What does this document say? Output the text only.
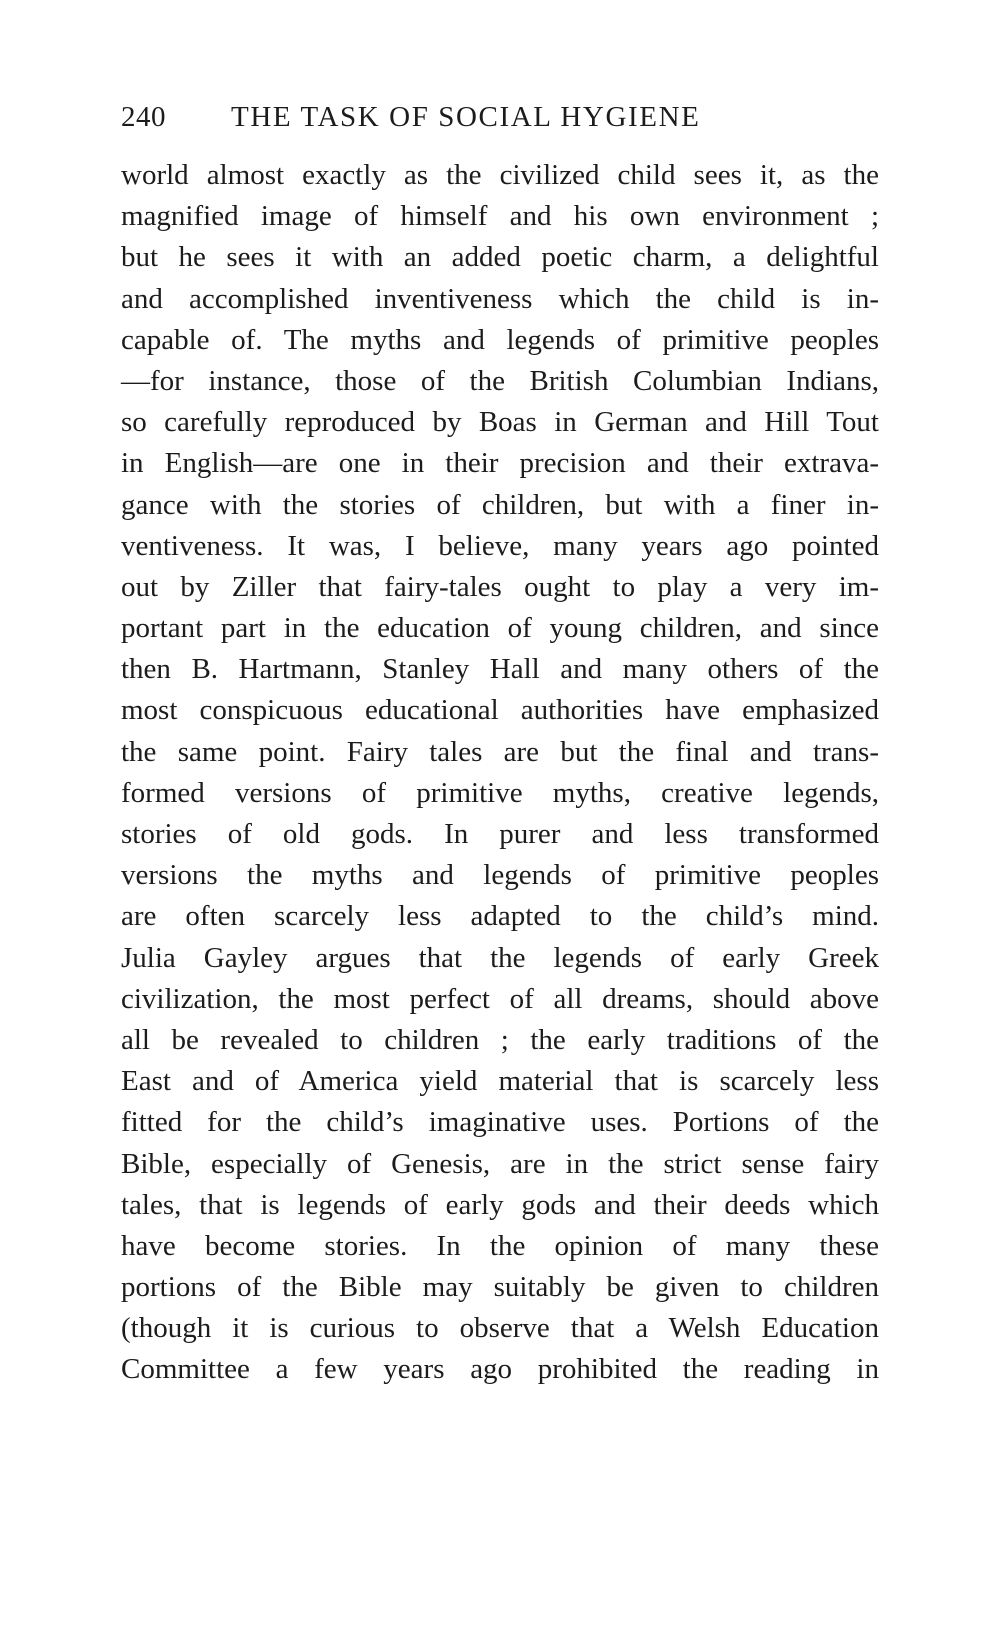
240 THE TASK OF SOCIAL HYGIENE
world almost exactly as the civilized child sees it, as the
magnified image of himself and his own environment ;
but he sees it with an added poetic charm, a delightful
and accomplished inventiveness which the child is in-
capable of. The myths and legends of primitive peoples
—for instance, those of the British Columbian Indians,
so carefully reproduced by Boas in German and Hill Tout
in English—are one in their precision and their extrava-
gance with the stories of children, but with a finer in-
ventiveness. It was, I believe, many years ago pointed
out by Ziller that fairy-tales ought to play a very im-
portant part in the education of young children, and since
then B. Hartmann, Stanley Hall and many others of the
most conspicuous educational authorities have emphasized
the same point. Fairy tales are but the final and trans-
formed versions of primitive myths, creative legends,
stories of old gods. In purer and less transformed
versions the myths and legends of primitive peoples
are often scarcely less adapted to the child’s mind.
Julia Gayley argues that the legends of early Greek
civilization, the most perfect of all dreams, should above
all be revealed to children ; the early traditions of the
East and of America yield material that is scarcely less
fitted for the child’s imaginative uses. Portions of the
Bible, especially of Genesis, are in the strict sense fairy
tales, that is legends of early gods and their deeds which
have become stories. In the opinion of many these
portions of the Bible may suitably be given to children
(though it is curious to observe that a Welsh Education
Committee a few years ago prohibited the reading in
